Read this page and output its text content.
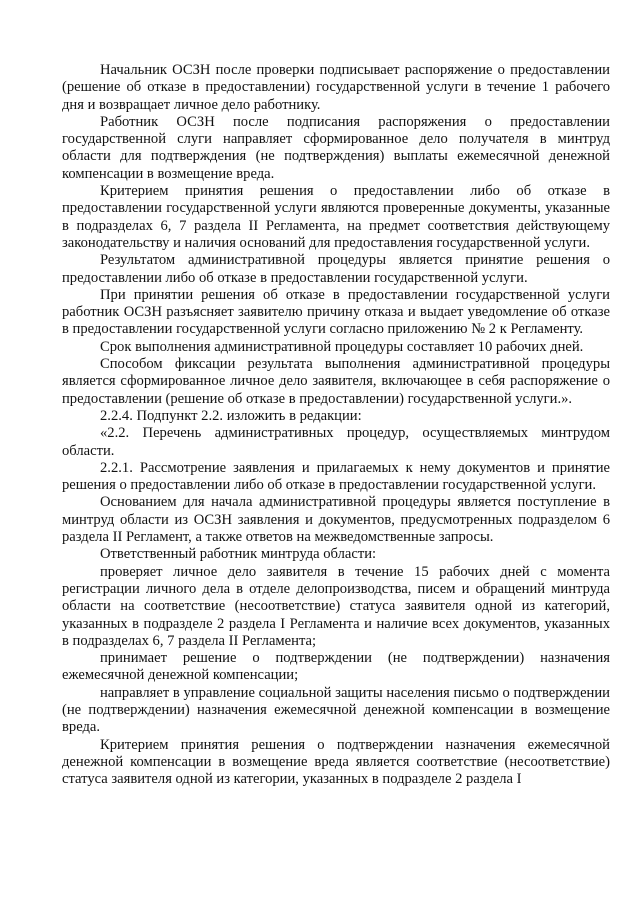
Начальник ОСЗН после проверки подписывает распоряжение о предоставлении (решение об отказе в предоставлении) государственной услуги в течение 1 рабочего дня и возвращает личное дело работнику.

Работник ОСЗН после подписания распоряжения о предоставлении государственной слуги направляет сформированное дело получателя в минтруд области для подтверждения (не подтверждения) выплаты ежемесячной денежной компенсации в возмещение вреда.

Критерием принятия решения о предоставлении либо об отказе в предоставлении государственной услуги являются проверенные документы, указанные в подразделах 6, 7 раздела II Регламента, на предмет соответствия действующему законодательству и наличия оснований для предоставления государственной услуги.

Результатом административной процедуры является принятие решения о предоставлении либо об отказе в предоставлении государственной услуги.

При принятии решения об отказе в предоставлении государственной услуги работник ОСЗН разъясняет заявителю причину отказа и выдает уведомление об отказе в предоставлении государственной услуги согласно приложению № 2 к Регламенту.

Срок выполнения административной процедуры составляет 10 рабочих дней.

Способом фиксации результата выполнения административной процедуры является сформированное личное дело заявителя, включающее в себя распоряжение о предоставлении (решение об отказе в предоставлении) государственной услуги.».

2.2.4. Подпункт 2.2. изложить в редакции:

«2.2. Перечень административных процедур, осуществляемых минтрудом области.

2.2.1. Рассмотрение заявления и прилагаемых к нему документов и принятие решения о предоставлении либо об отказе в предоставлении государственной услуги.

Основанием для начала административной процедуры является поступление в минтруд области из ОСЗН заявления и документов, предусмотренных подразделом 6 раздела II Регламент, а также ответов на межведомственные запросы.

Ответственный работник минтруда области:

проверяет личное дело заявителя в течение 15 рабочих дней с момента регистрации личного дела в отделе делопроизводства, писем и обращений минтруда области на соответствие (несоответствие) статуса заявителя одной из категорий, указанных в подразделе 2 раздела I Регламента и наличие всех документов, указанных в подразделах 6, 7 раздела II Регламента;

принимает решение о подтверждении (не подтверждении) назначения ежемесячной денежной компенсации;

направляет в управление социальной защиты населения письмо о подтверждении (не подтверждении) назначения ежемесячной денежной компенсации в возмещение вреда.

Критерием принятия решения о подтверждении назначения ежемесячной денежной компенсации в возмещение вреда является соответствие (несоответствие) статуса заявителя одной из категории, указанных в подразделе 2 раздела I
